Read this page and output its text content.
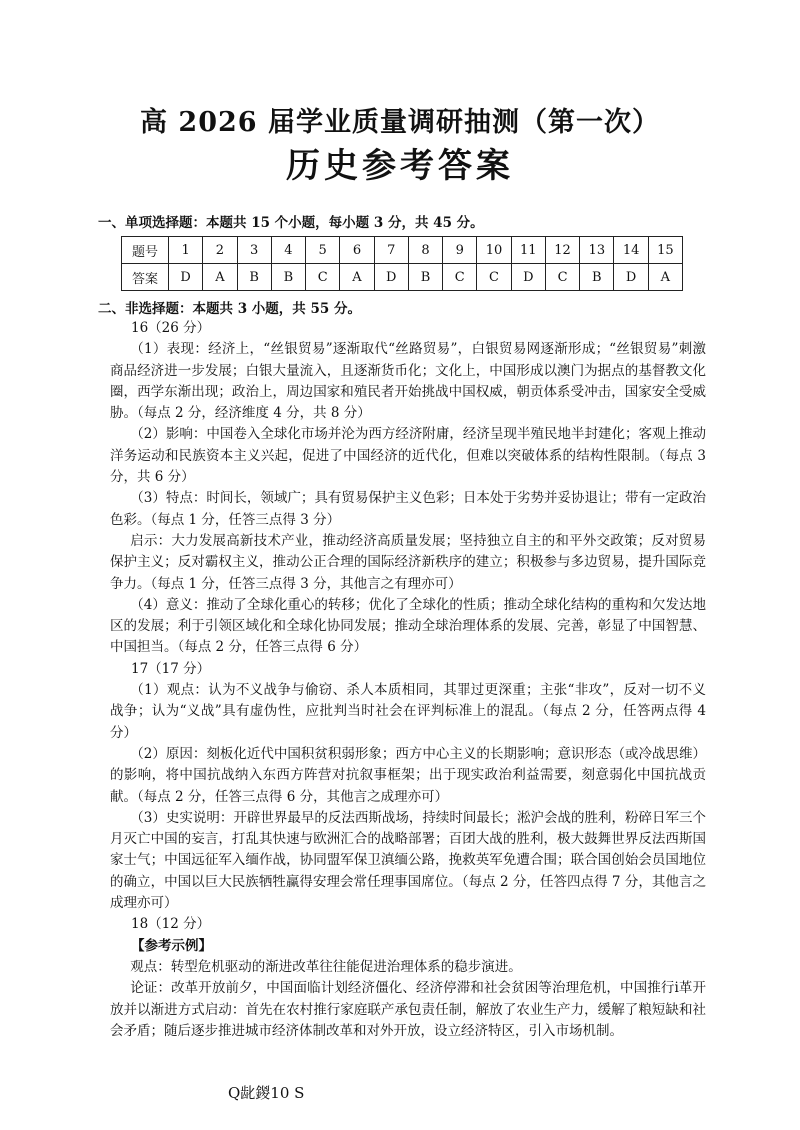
高 2026 届学业质量调研抽测（第一次）
历史参考答案
一、单项选择题：本题共 15 个小题，每小题 3 分，共 45 分。
题号	1	2	3	4	5	6	7	8	9	10	11	12	13	14	15
答案	D	A	B	B	C	A	D	B	C	C	D	C	B	D	A
二、非选择题：本题共 3 小题，共 55 分。

16（26 分）

（1）表现：经济上，“丝银贸易”逐渐取代“丝路贸易”，白银贸易网逐渐形成；“丝银贸易”刺激商品经济进一步发展；白银大量流入，且逐渐货币化；文化上，中国形成以澳门为据点的基督教文化圈，西学东渐出现；政治上，周边国家和殖民者开始挑战中国权威，朝贡体系受冲击，国家安全受威胁。（每点 2 分，经济维度 4 分，共 8 分）

（2）影响：中国卷入全球化市场并沦为西方经济附庸，经济呈现半殖民地半封建化；客观上推动洋务运动和民族资本主义兴起，促进了中国经济的近代化，但难以突破体系的结构性限制。（每点 3 分，共 6 分）

（3）特点：时间长，领域广；具有贸易保护主义色彩；日本处于劣势并妥协退让；带有一定政治色彩。（每点 1 分，任答三点得 3 分）

启示：大力发展高新技术产业，推动经济高质量发展；坚持独立自主的和平外交政策；反对贸易保护主义；反对霸权主义，推动公正合理的国际经济新秩序的建立；积极参与多边贸易，提升国际竞争力。（每点 1 分，任答三点得 3 分，其他言之有理亦可）

（4）意义：推动了全球化重心的转移；优化了全球化的性质；推动全球化结构的重构和欠发达地区的发展；利于引领区域化和全球化协同发展；推动全球治理体系的发展、完善，彰显了中国智慧、中国担当。（每点 2 分，任答三点得 6 分）

17（17 分）

（1）观点：认为不义战争与偷窃、杀人本质相同，其罪过更深重；主张“非攻”，反对一切不义战争；认为“义战”具有虚伪性，应批判当时社会在评判标准上的混乱。（每点 2 分，任答两点得 4 分）

（2）原因：刻板化近代中国积贫积弱形象；西方中心主义的长期影响；意识形态（或冷战思维）的影响，将中国抗战纳入东西方阵营对抗叙事框架；出于现实政治利益需要，刻意弱化中国抗战贡献。（每点 2 分，任答三点得 6 分，其他言之成理亦可）

（3）史实说明：开辟世界最早的反法西斯战场，持续时间最长；淞沪会战的胜利，粉碎日军三个月灭亡中国的妄言，打乱其快速与欧洲汇合的战略部署；百团大战的胜利，极大鼓舞世界反法西斯国家士气；中国远征军入缅作战，协同盟军保卫滇缅公路，挽救英军免遭合围；联合国创始会员国地位的确立，中国以巨大民族牺牲赢得安理会常任理事国席位。（每点 2 分，任答四点得 7 分，其他言之成理亦可）

18（12 分）

【参考示例】

观点：转型危机驱动的渐进改革往往能促进治理体系的稳步演进。

论证：改革开放前夕，中国面临计划经济僵化、经济停滞和社会贫困等治理危机，中国推行i革开放并以渐进方式启动：首先在农村推行家庭联产承包责任制，解放了农业生产力，缓解了粮短缺和社会矛盾；随后逐步推进城市经济体制改革和对外开放，设立经济特区，引入市场机制。

Q龀鍐10 S
